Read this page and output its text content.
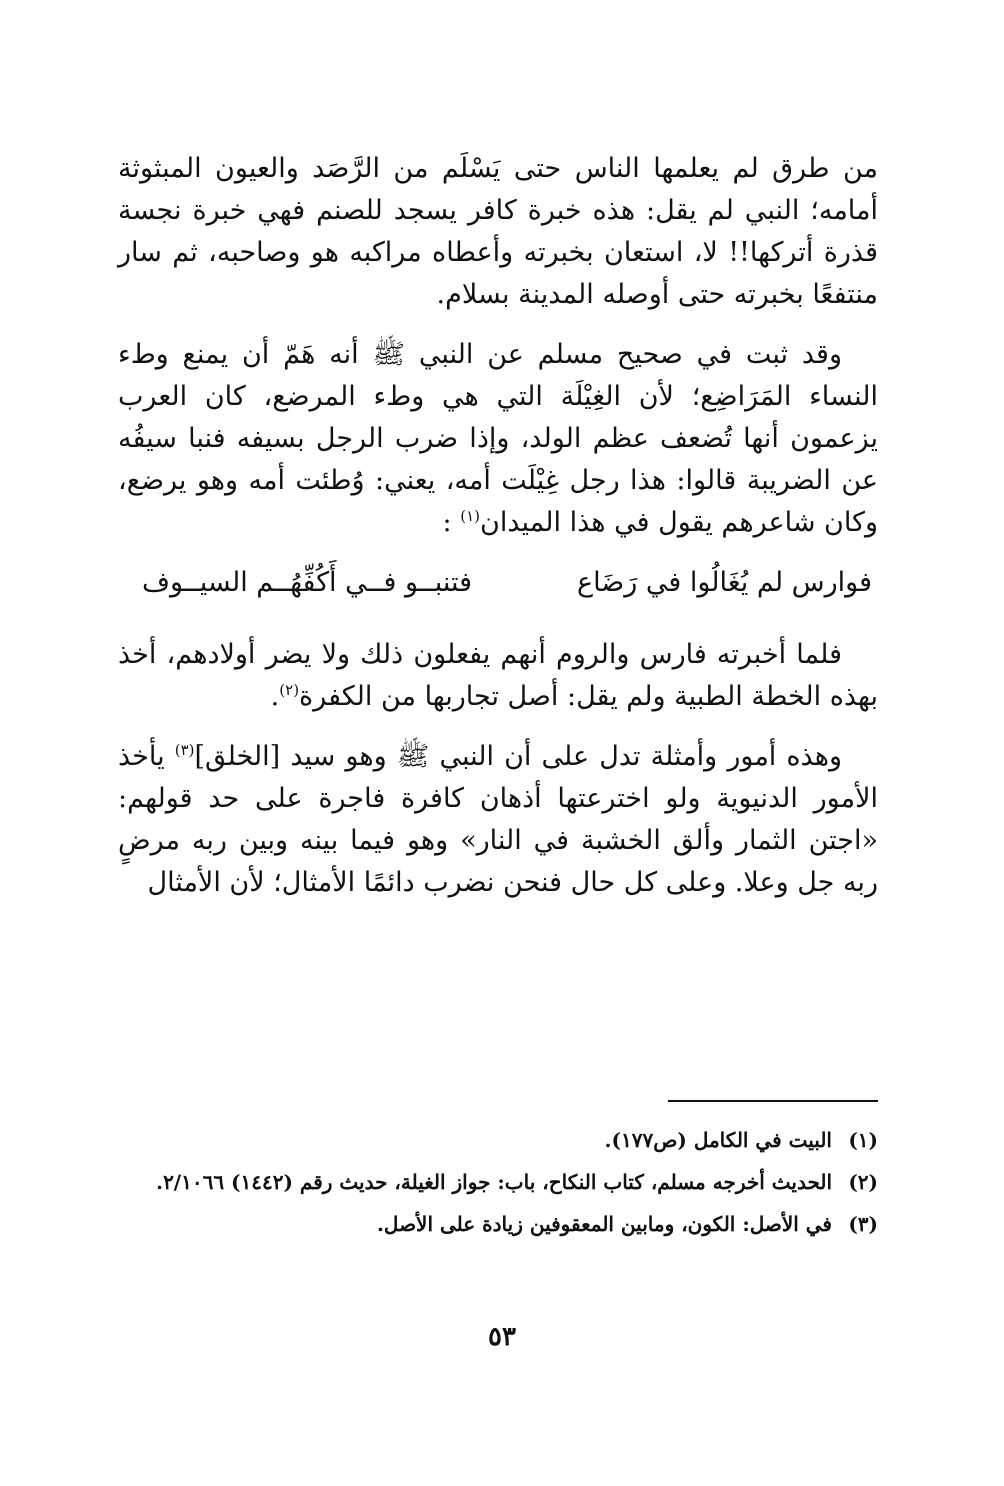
من طرق لم يعلمها الناس حتى يَسْلَم من الرَّصَد والعيون المبثوثة أمامه؛ النبي لم يقل: هذه خبرة كافر يسجد للصنم فهي خبرة نجسة قذرة أتركها!! لا، استعان بخبرته وأعطاه مراكبه هو وصاحبه، ثم سار منتفعًا بخبرته حتى أوصله المدينة بسلام.

وقد ثبت في صحيح مسلم عن النبي ﷺ أنه هَمّ أن يمنع وطء النساء المَرَاضِع؛ لأن الغِيْلَة التي هي وطء المرضع، كان العرب يزعمون أنها تُضعف عظم الولد، وإذا ضرب الرجل بسيفه فنبا سيفُه عن الضريبة قالوا: هذا رجل غِيْلَت أمه، يعني: وُطئت أمه وهو يرضع، وكان شاعرهم يقول في هذا الميدان$^{(١)}$ :

فوارس لم يُغَالُوا في رَضَاع
فتنبــو فــي أَكُفِّهُــم السيــوف

فلما أخبرته فارس والروم أنهم يفعلون ذلك ولا يضر أولادهم، أخذ بهذه الخطة الطبية ولم يقل: أصل تجاربها من الكفرة$^{(٢)}$.

وهذه أمور وأمثلة تدل على أن النبي ﷺ وهو سيد [الخلق]$^{(٣)}$ يأخذ الأمور الدنيوية ولو اخترعتها أذهان كافرة فاجرة على حد قولهم: «اجتن الثمار وألق الخشبة في النار» وهو فيما بينه وبين ربه مرضٍ ربه جل وعلا. وعلى كل حال فنحن نضرب دائمًا الأمثال؛ لأن الأمثال

(١)
البيت في الكامل (ص١٧٧).
(٢)
الحديث أخرجه مسلم، كتاب النكاح، باب: جواز الغيلة، حديث رقم (١٤٤٢) ٢/١٠٦٦.
(٣)
في الأصل: الكون، ومابين المعقوفين زيادة على الأصل.
٥٣
